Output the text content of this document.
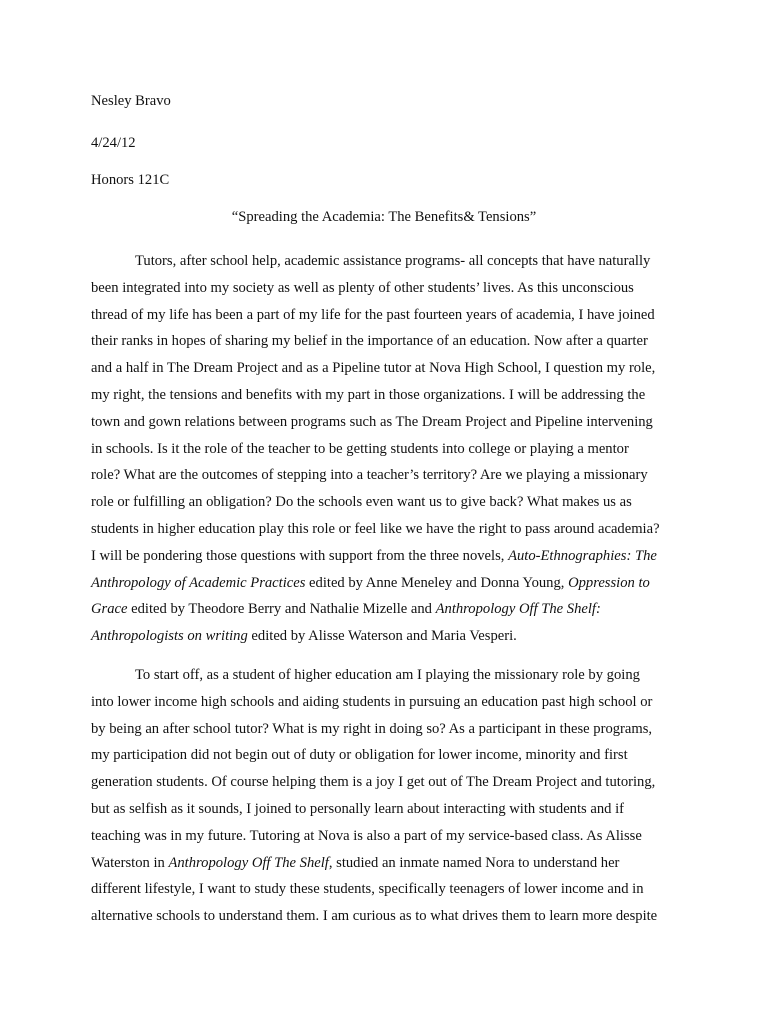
Nesley Bravo

4/24/12

Honors 121C

“Spreading the Academia: The Benefits& Tensions”

Tutors, after school help, academic assistance programs- all concepts that have naturally
been integrated into my society as well as plenty of other students’ lives. As this unconscious
thread of my life has been a part of my life for the past fourteen years of academia, I have joined
their ranks in hopes of sharing my belief in the importance of an education. Now after a quarter
and a half in The Dream Project and as a Pipeline tutor at Nova High School, I question my role,
my right, the tensions and benefits with my part in those organizations. I will be addressing the
town and gown relations between programs such as The Dream Project and Pipeline intervening
in schools. Is it the role of the teacher to be getting students into college or playing a mentor
role? What are the outcomes of stepping into a teacher’s territory? Are we playing a missionary
role or fulfilling an obligation? Do the schools even want us to give back? What makes us as
students in higher education play this role or feel like we have the right to pass around academia?
I will be pondering those questions with support from the three novels, Auto-Ethnographies: The
Anthropology of Academic Practices edited by Anne Meneley and Donna Young, Oppression to
Grace edited by Theodore Berry and Nathalie Mizelle and Anthropology Off The Shelf:
Anthropologists on writing edited by Alisse Waterson and Maria Vesperi.
To start off, as a student of higher education am I playing the missionary role by going
into lower income high schools and aiding students in pursuing an education past high school or
by being an after school tutor? What is my right in doing so? As a participant in these programs,
my participation did not begin out of duty or obligation for lower income, minority and first
generation students. Of course helping them is a joy I get out of The Dream Project and tutoring,
but as selfish as it sounds, I joined to personally learn about interacting with students and if
teaching was in my future. Tutoring at Nova is also a part of my service-based class. As Alisse
Waterston in Anthropology Off The Shelf, studied an inmate named Nora to understand her
different lifestyle, I want to study these students, specifically teenagers of lower income and in
alternative schools to understand them. I am curious as to what drives them to learn more despite
